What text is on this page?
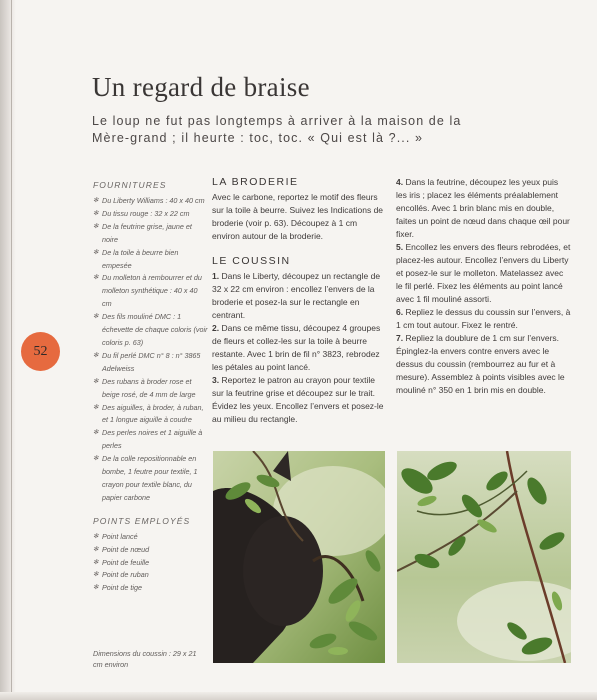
Un regard de braise

Le loup ne fut pas longtemps à arriver à la maison de la Mère-grand ; il heurte : toc, toc. « Qui est là ?... »

52
FOURNITURES
✻ Du Liberty Williams : 40 x 40 cm
✻ Du tissu rouge : 32 x 22 cm
✻ De la feutrine grise, jaune et noire
✻ De la toile à beurre bien empesée
✻ Du molleton à rembourrer et du molleton synthétique : 40 x 40 cm
✻ Des fils mouliné DMC : 1 échevette de chaque coloris (voir coloris p. 63)
✻ Du fil perlé DMC n° 8 : n° 3865 Adelweiss
✻ Des rubans à broder rose et beige rosé, de 4 mm de large
✻ Des aiguilles, à broder, à ruban, et 1 longue aiguille à coudre
✻ Des perles noires et 1 aiguille à perles
✻ De la colle repositionnable en bombe, 1 feutre pour textile, 1 crayon pour textile blanc, du papier carbone
POINTS EMPLOYÉS
✻ Point lancé
✻ Point de nœud
✻ Point de feuille
✻ Point de ruban
✻ Point de tige
Dimensions du coussin : 29 x 21 cm environ
LA BRODERIE

Avec le carbone, reportez le motif des fleurs sur la toile à beurre. Suivez les Indications de broderie (voir p. 63). Découpez à 1 cm environ autour de la broderie.

LE COUSSIN

1. Dans le Liberty, découpez un rectangle de 32 x 22 cm environ : encollez l’envers de la broderie et posez-la sur le rectangle en centrant.

2. Dans ce même tissu, découpez 4 groupes de fleurs et collez-les sur la toile à beurre restante. Avec 1 brin de fil n° 3823, rebrodez les pétales au point lancé.

3. Reportez le patron au crayon pour textile sur la feutrine grise et découpez sur le trait. Évidez les yeux. Encollez l’envers et posez-le au milieu du rectangle.

4. Dans la feutrine, découpez les yeux puis les iris ; placez les éléments préalablement encollés. Avec 1 brin blanc mis en double, faites un point de nœud dans chaque œil pour fixer.

5. Encollez les envers des fleurs rebrodées, et placez-les autour. Encollez l’envers du Liberty et posez-le sur le molleton. Matelassez avec le fil perlé. Fixez les éléments au point lancé avec 1 fil mouliné assorti.

6. Repliez le dessus du coussin sur l’envers, à 1 cm tout autour. Fixez le rentré.

7. Repliez la doublure de 1 cm sur l’envers. Épinglez-la envers contre envers avec le dessus du coussin (rembourrez au fur et à mesure). Assemblez à points visibles avec le mouliné n° 350 en 1 brin mis en double.
